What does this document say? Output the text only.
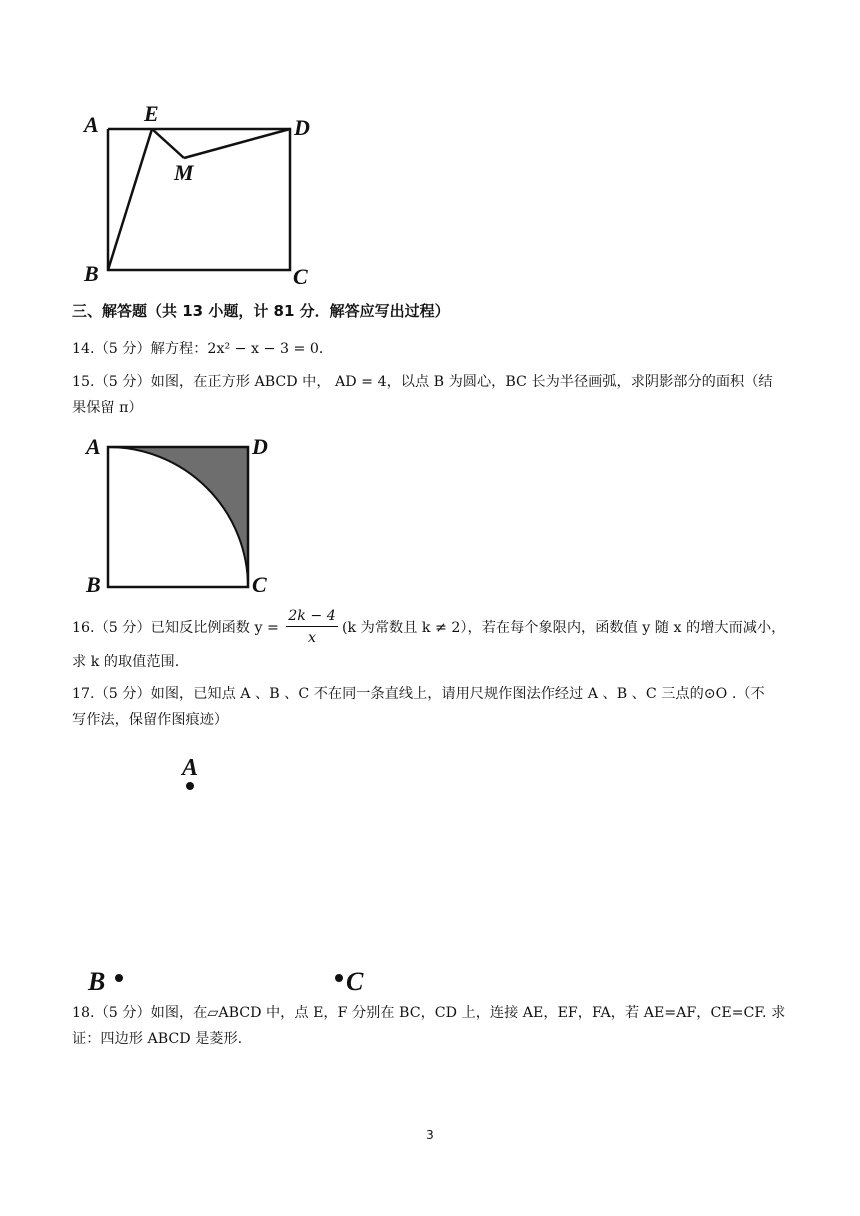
A E
D
M
B	C
三、解答题（共 13 小题，计 81 分．解答应写出过程）
14.（5 分）解方程：2x² − x − 3 = 0．
15.（5 分）如图，在正方形 ABCD 中， AD = 4，以点 B 为圆心，BC 长为半径画弧，求阴影部分的面积（结
果保留 π）
A	D
B	C
16.（5 分）已知反比例函数 $y = \frac{2k - 4}{x} (k$ 为常数且 k ≠ 2），若在每个象限内，函数值 y 随 x 的增大而减小，
求 k 的取值范围.
17.（5 分）如图，已知点 A 、B 、C 不在同一条直线上，请用尺规作图法作经过 A 、B 、C 三点的⊙O .（不
写作法，保留作图痕迹）
A
B	C
18.（5 分）如图，在▱ABCD 中，点 E，F 分别在 BC，CD 上，连接 AE，EF，FA，若 AE=AF，CE=CF. 求
证：四边形 ABCD 是菱形.
3
